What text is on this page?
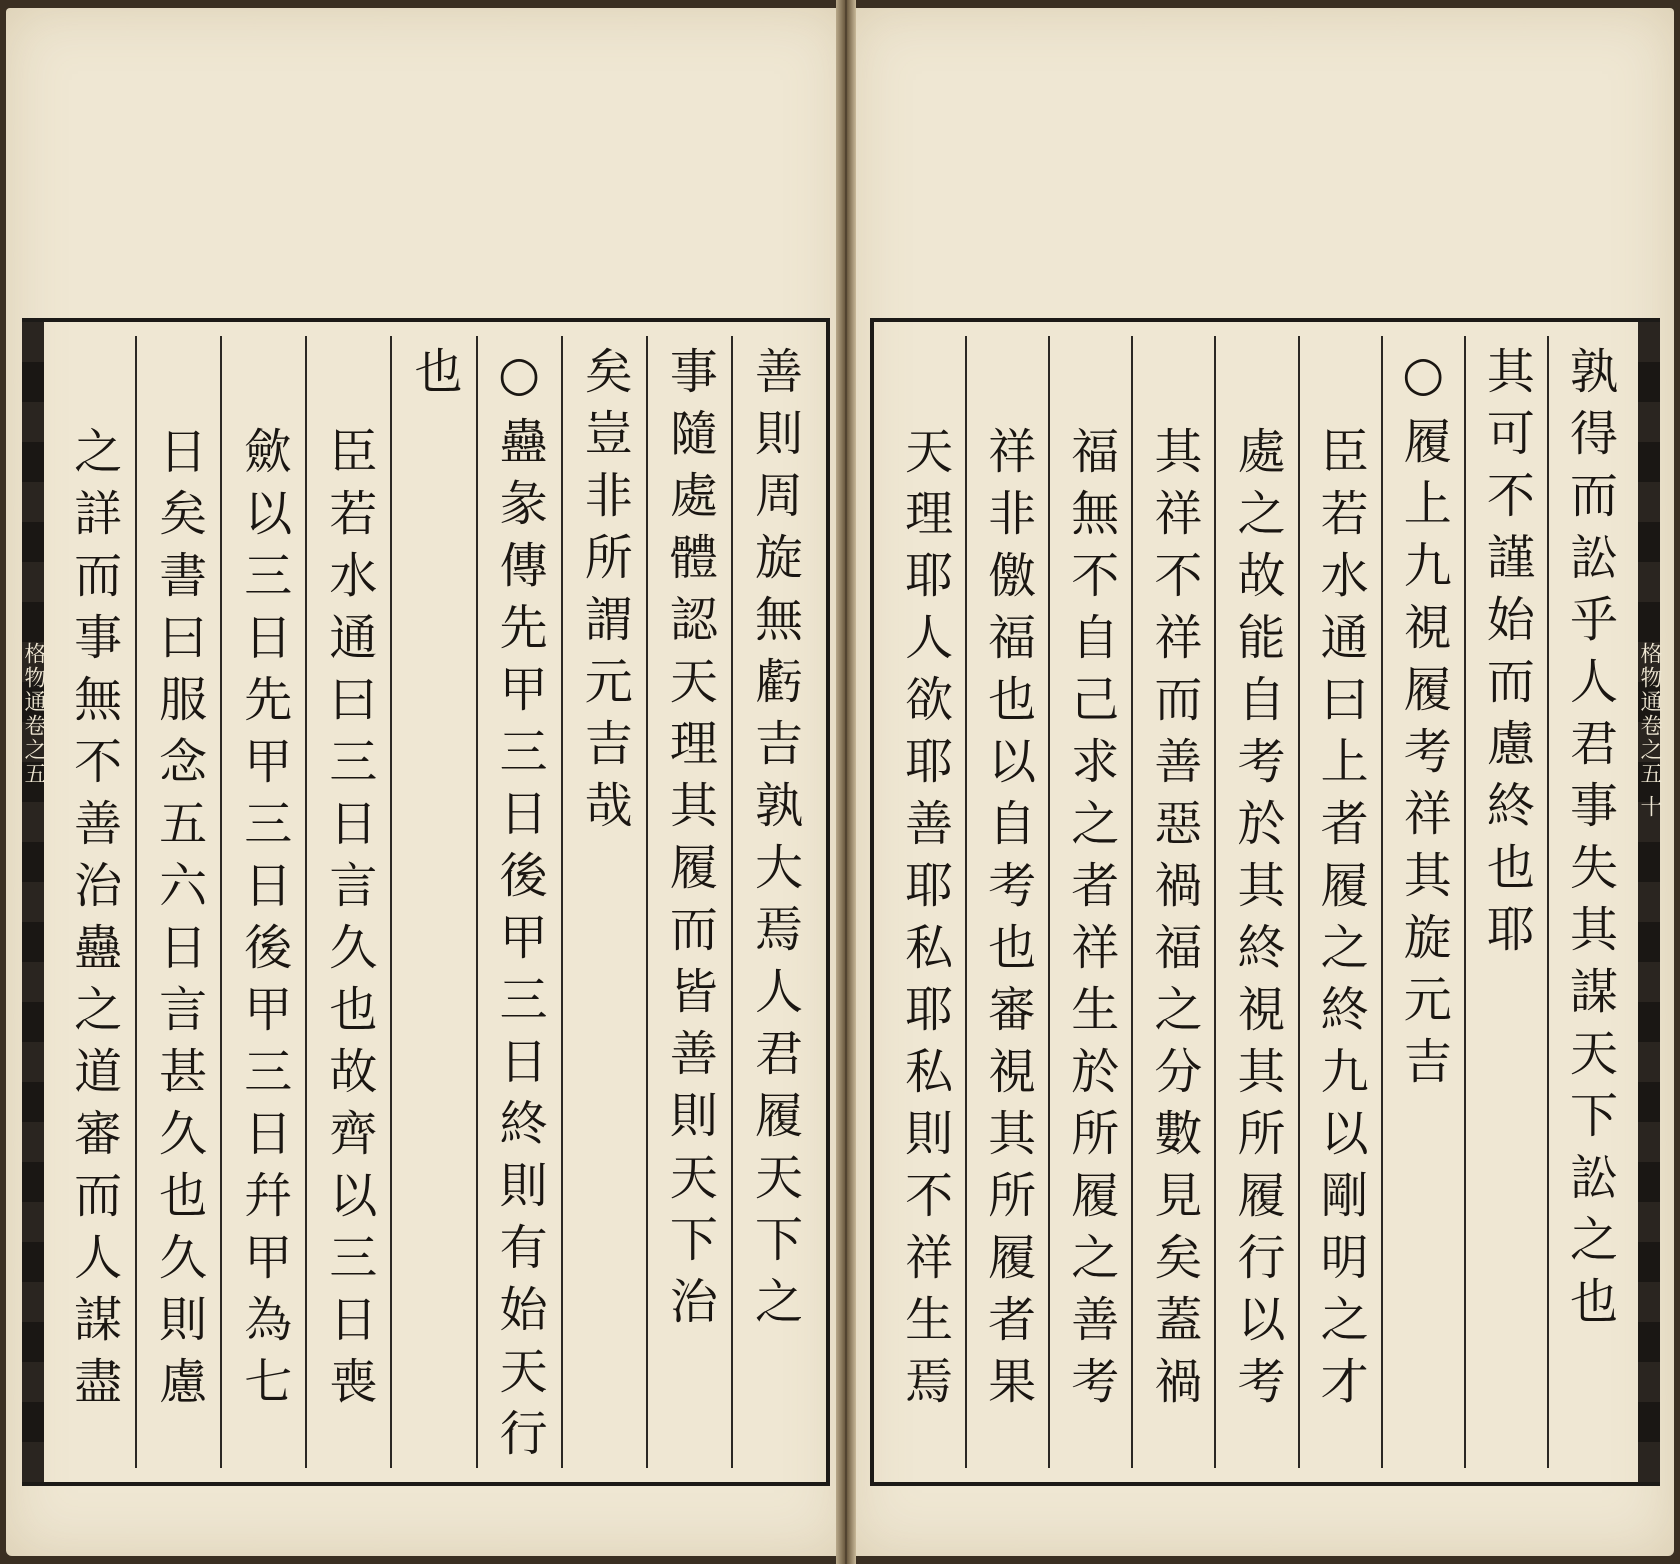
格物通卷之五	善則周旋無虧吉孰大焉人君履天下之
事隨處體認天理其履而皆善則天下治
矣豈非所謂元吉哉
○蠱彖傳先甲三日後甲三日終則有始天行
也
臣若水通曰三日言久也故齊以三日喪
歛以三日先甲三日後甲三日幷甲為七
日矣書曰服念五六日言甚久也久則慮
之詳而事無不善治蠱之道審而人謀盡	格物通卷之五 十
孰得而訟乎人君事失其謀天下訟之也
其可不謹始而慮終也耶
○履上九視履考祥其旋元吉
臣若水通曰上者履之終九以剛明之才
處之故能自考於其終視其所履行以考
其祥不祥而善惡禍福之分數見矣蓋禍
福無不自己求之者祥生於所履之善考
祥非儌福也以自考也審視其所履者果
天理耶人欲耶善耶私耶私則不祥生焉
